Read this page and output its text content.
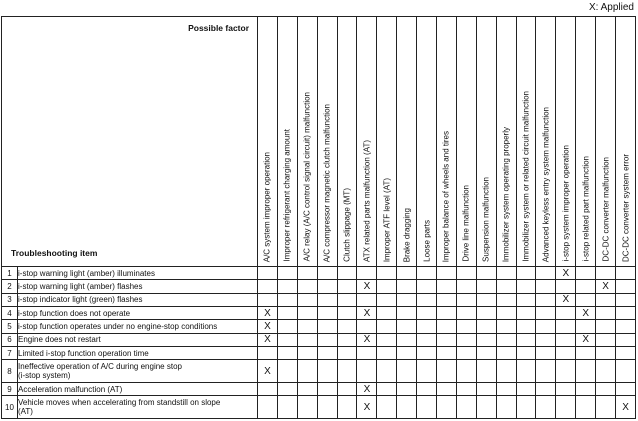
X: Applied
Possible factor
Troubleshooting item		A/C system improper operation	Improper refrigerant charging amount	A/C relay (A/C control signal circuit) malfunction	A/C compressor magnetic clutch malfunction	Clutch slippage (MT)	ATX related parts malfunction (AT)	Improper ATF level (AT)	Brake dragging	Loose parts	Improper balance of wheels and tires	Drive line malfunction	Suspension malfunction	Immobilizer system operating properly	Immobilizer system or related circuit malfunction	Advanced keyless entry system malfunction	i-stop system improper operation	i-stop related part malfunction	DC-DC converter malfunction	DC-DC converter system error

1	i-stop warning light (amber) illuminates																X			
2	i-stop warning light (amber) flashes						X												X	
3	i-stop indicator light (green) flashes																X			
4	i-stop function does not operate	X					X											X		
5	i-stop function operates under no engine-stop conditions	X																		
6	Engine does not restart	X					X											X		
7	Limited i-stop function operation time																			
8	Ineffective operation of A/C during engine stop
(i-stop system)	X																		
9	Acceleration malfunction (AT)						X													
10	Vehicle moves when accelerating from standstill on slope
(AT)						X													X
